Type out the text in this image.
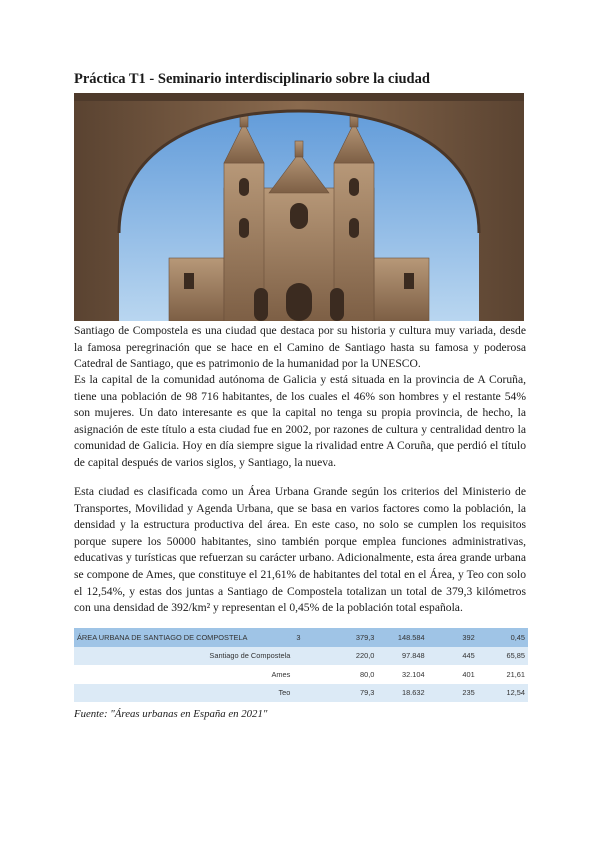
Práctica T1 - Seminario interdisciplinario sobre la ciudad
Santiago de Compostela es una ciudad que destaca por su historia y cultura muy variada, desde la famosa peregrinación que se hace en el Camino de Santiago hasta su famosa y poderosa Catedral de Santiago, que es patrimonio de la humanidad por la UNESCO.
Es la capital de la comunidad autónoma de Galicia y está situada en la provincia de A Coruña, tiene una población de 98 716 habitantes, de los cuales el 46% son hombres y el restante 54% son mujeres. Un dato interesante es que la capital no tenga su propia provincia, de hecho, la asignación de este título a esta ciudad fue en 2002, por razones de cultura y centralidad dentro la comunidad de Galicia. Hoy en día siempre sigue la rivalidad entre A Coruña, que perdió el título de capital después de varios siglos, y Santiago, la nueva.
Esta ciudad es clasificada como un Área Urbana Grande según los criterios del Ministerio de Transportes, Movilidad y Agenda Urbana, que se basa en varios factores como la población, la densidad y la estructura productiva del área. En este caso, no solo se cumplen los requisitos porque supere los 50000 habitantes, sino también porque emplea funciones administrativas, educativas y turísticas que refuerzan su carácter urbano. Adicionalmente, esta área grande urbana se compone de Ames, que constituye el 21,61% de habitantes del total en el Área, y Teo con solo el 12,54%, y estas dos juntas a Santiago de Compostela totalizan un total de 379,3 kilómetros con una densidad de 392/km² y representan el 0,45% de la población total española.
ÁREA URBANA DE SANTIAGO DE COMPOSTELA	3	379,3	148.584	392	0,45
Santiago de Compostela		220,0	97.848	445	65,85
Ames		80,0	32.104	401	21,61
Teo		79,3	18.632	235	12,54
Fuente: "Áreas urbanas en España en 2021"
